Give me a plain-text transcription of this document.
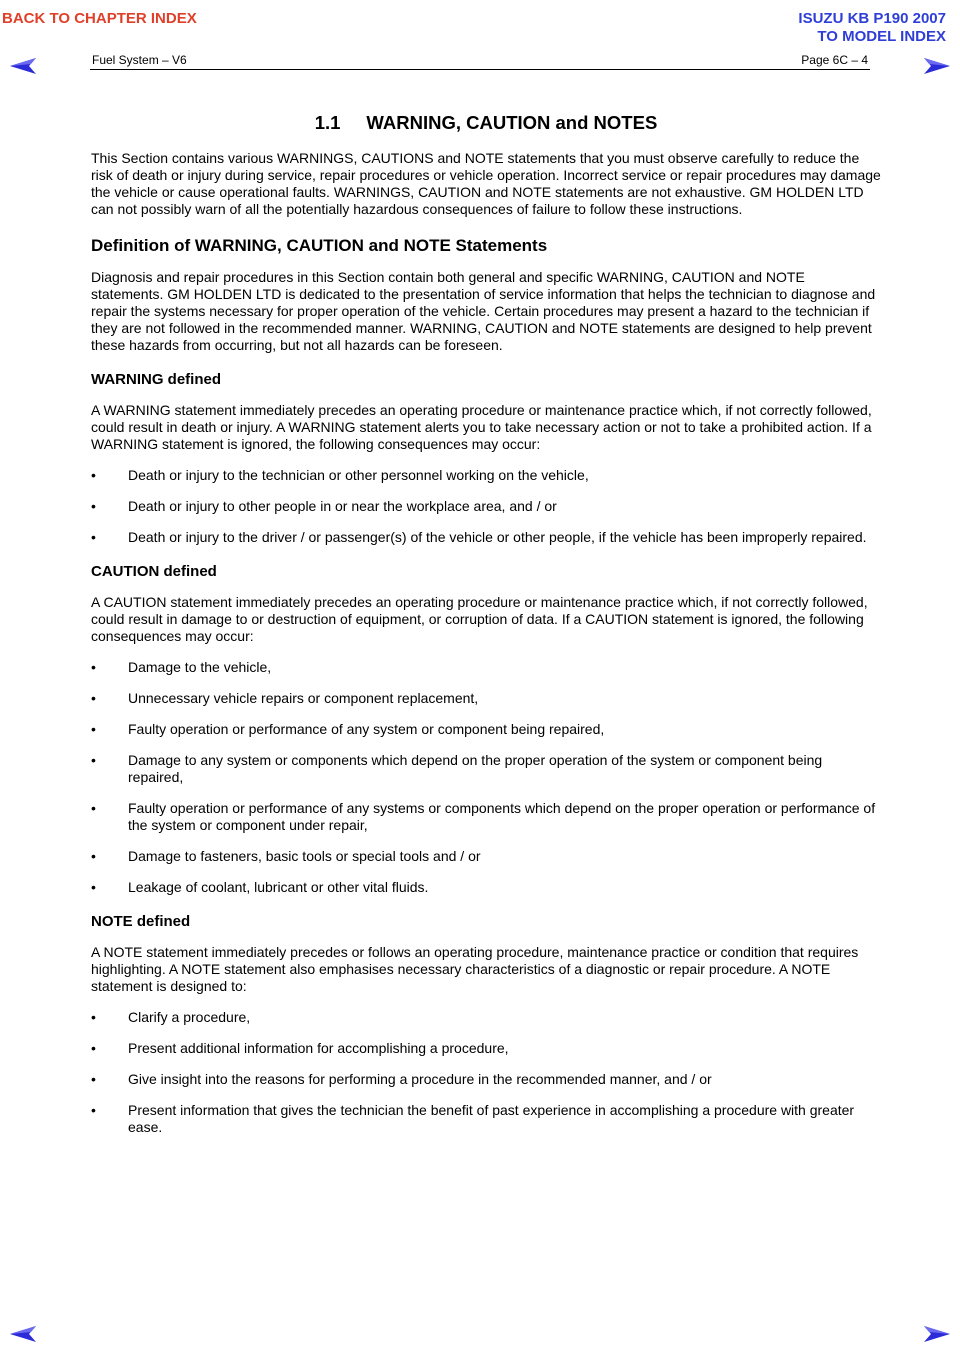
BACK TO CHAPTER INDEX	ISUZU KB P190 2007
TO MODEL INDEX
Fuel System – V6	Page 6C – 4
1.1 WARNING, CAUTION and NOTES

This Section contains various WARNINGS, CAUTIONS and NOTE statements that you must observe carefully to reduce the risk of death or injury during service, repair procedures or vehicle operation. Incorrect service or repair procedures may damage the vehicle or cause operational faults. WARNINGS, CAUTION and NOTE statements are not exhaustive. GM HOLDEN LTD can not possibly warn of all the potentially hazardous consequences of failure to follow these instructions.

Definition of WARNING, CAUTION and NOTE Statements

Diagnosis and repair procedures in this Section contain both general and specific WARNING, CAUTION and NOTE statements. GM HOLDEN LTD is dedicated to the presentation of service information that helps the technician to diagnose and repair the systems necessary for proper operation of the vehicle. Certain procedures may present a hazard to the technician if they are not followed in the recommended manner. WARNING, CAUTION and NOTE statements are designed to help prevent these hazards from occurring, but not all hazards can be foreseen.

WARNING defined

A WARNING statement immediately precedes an operating procedure or maintenance practice which, if not correctly followed, could result in death or injury. A WARNING statement alerts you to take necessary action or not to take a prohibited action. If a WARNING statement is ignored, the following consequences may occur:

• Death or injury to the technician or other personnel working on the vehicle,
• Death or injury to other people in or near the workplace area, and / or
• Death or injury to the driver / or passenger(s) of the vehicle or other people, if the vehicle has been improperly repaired.
CAUTION defined

A CAUTION statement immediately precedes an operating procedure or maintenance practice which, if not correctly followed, could result in damage to or destruction of equipment, or corruption of data. If a CAUTION statement is ignored, the following consequences may occur:

• Damage to the vehicle,
• Unnecessary vehicle repairs or component replacement,
• Faulty operation or performance of any system or component being repaired,
• Damage to any system or components which depend on the proper operation of the system or component being repaired,
• Faulty operation or performance of any systems or components which depend on the proper operation or performance of the system or component under repair,
• Damage to fasteners, basic tools or special tools and / or
• Leakage of coolant, lubricant or other vital fluids.
NOTE defined

A NOTE statement immediately precedes or follows an operating procedure, maintenance practice or condition that requires highlighting. A NOTE statement also emphasises necessary characteristics of a diagnostic or repair procedure. A NOTE statement is designed to:

• Clarify a procedure,
• Present additional information for accomplishing a procedure,
• Give insight into the reasons for performing a procedure in the recommended manner, and / or
• Present information that gives the technician the benefit of past experience in accomplishing a procedure with greater ease.
